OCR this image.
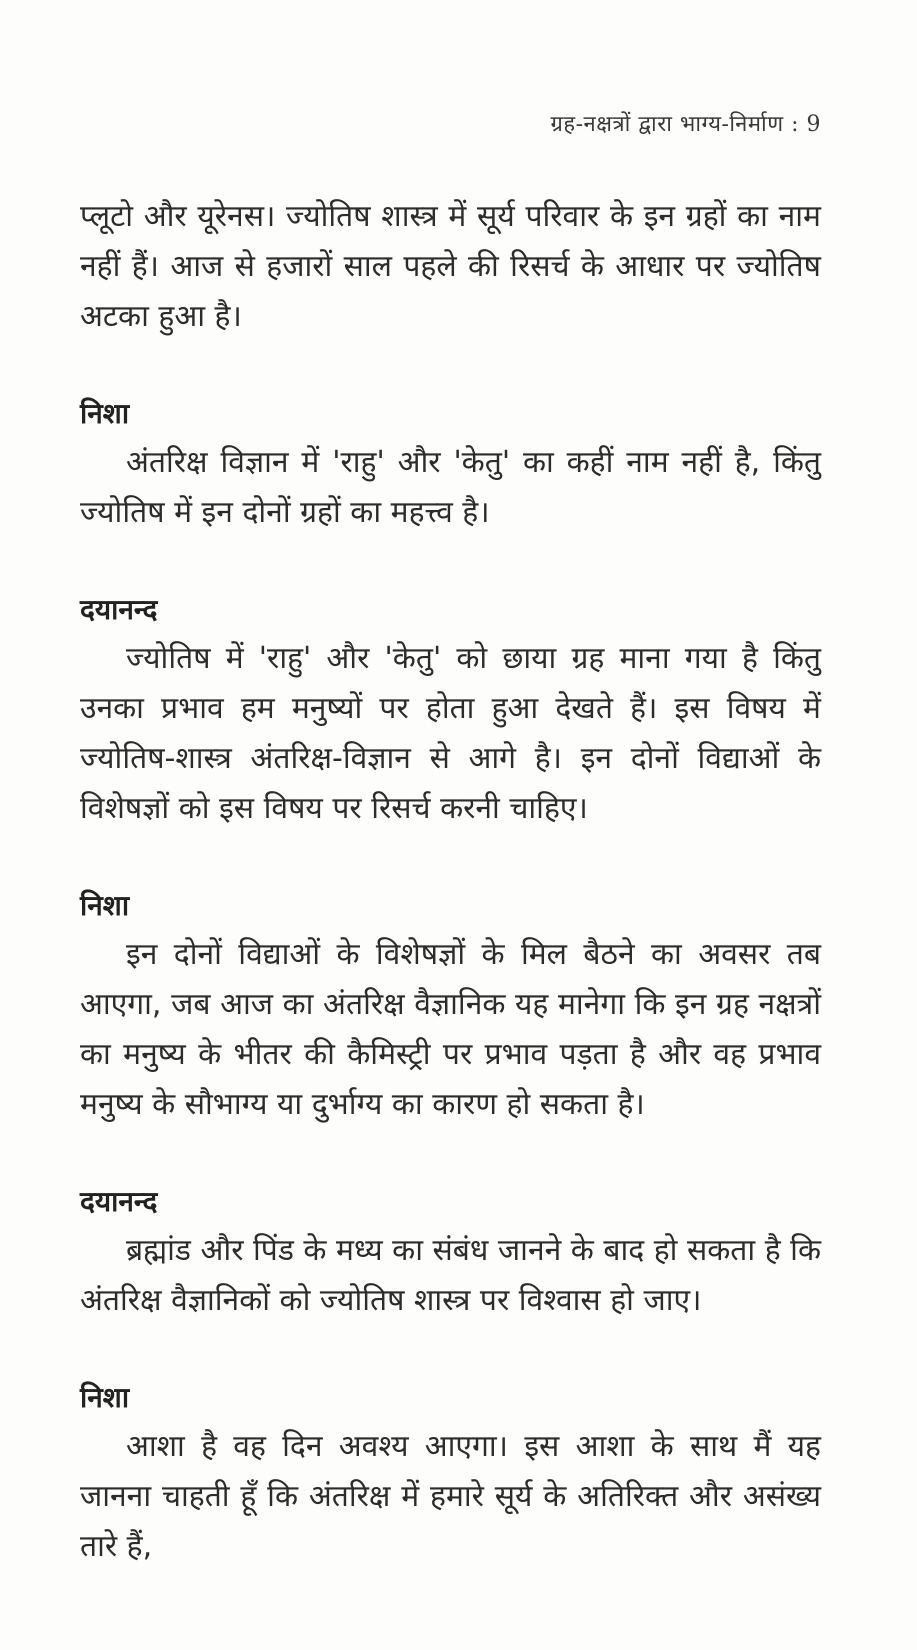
ग्रह-नक्षत्रों द्वारा भाग्य-निर्माण : 9

प्लूटो और यूरेनस। ज्योतिष शास्त्र में सूर्य परिवार के इन ग्रहों का नाम नहीं हैं। आज से हजारों साल पहले की रिसर्च के आधार पर ज्योतिष अटका हुआ है।

निशा

अंतरिक्ष विज्ञान में 'राहु' और 'केतु' का कहीं नाम नहीं है, किंतु ज्योतिष में इन दोनों ग्रहों का महत्त्व है।

दयानन्द

ज्योतिष में 'राहु' और 'केतु' को छाया ग्रह माना गया है किंतु उनका प्रभाव हम मनुष्यों पर होता हुआ देखते हैं। इस विषय में ज्योतिष-शास्त्र अंतरिक्ष-विज्ञान से आगे है। इन दोनों विद्याओं के विशेषज्ञों को इस विषय पर रिसर्च करनी चाहिए।

निशा

इन दोनों विद्याओं के विशेषज्ञों के मिल बैठने का अवसर तब आएगा, जब आज का अंतरिक्ष वैज्ञानिक यह मानेगा कि इन ग्रह नक्षत्रों का मनुष्य के भीतर की कैमिस्ट्री पर प्रभाव पड़ता है और वह प्रभाव मनुष्य के सौभाग्य या दुर्भाग्य का कारण हो सकता है।

दयानन्द

ब्रह्मांड और पिंड के मध्य का संबंध जानने के बाद हो सकता है कि अंतरिक्ष वैज्ञानिकों को ज्योतिष शास्त्र पर विश्वास हो जाए।

निशा

आशा है वह दिन अवश्य आएगा। इस आशा के साथ मैं यह जानना चाहती हूँ कि अंतरिक्ष में हमारे सूर्य के अतिरिक्त और असंख्य तारे हैं,
